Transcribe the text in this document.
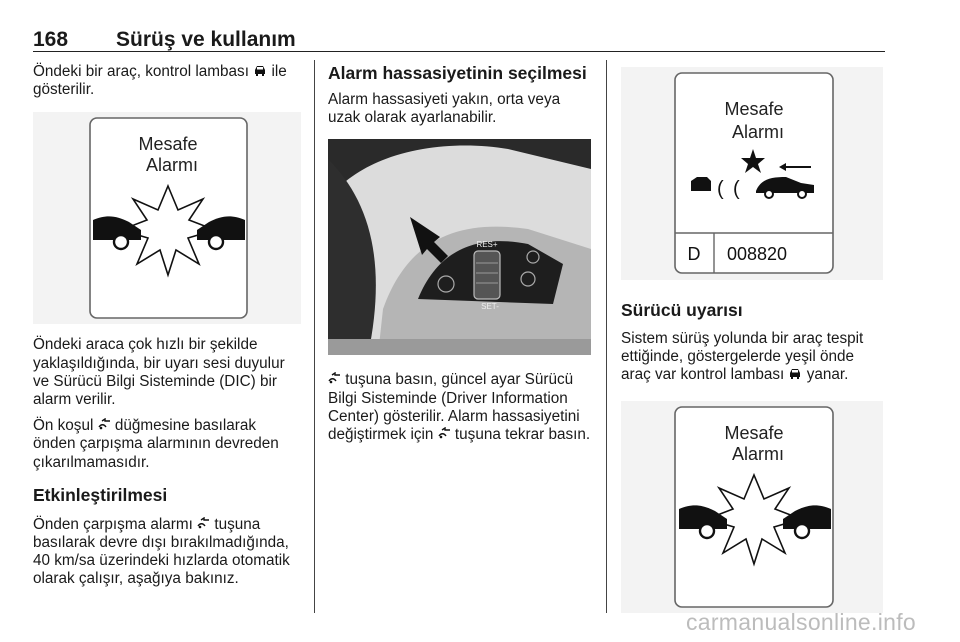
168 Sürüş ve kullanım

Öndeki bir araç, kontrol lambası  ile gösterilir.

Mesafe
Alarmı

Öndeki araca çok hızlı bir şekilde yaklaşıldığında, bir uyarı sesi duyulur ve Sürücü Bilgi Sisteminde (DIC) bir alarm verilir.

Ön koşul  düğmesine basılarak önden çarpışma alarmının devreden çıkarılmamasıdır.

Etkinleştirilmesi

Önden çarpışma alarmı  tuşuna basılarak devre dışı bırakılmadığında, 40 km/sa üzerindeki hızlarda otomatik olarak çalışır, aşağıya bakınız.

Alarm hassasiyetinin seçilmesi

Alarm hassasiyeti yakın, orta veya uzak olarak ayarlanabilir.

RES+
SET-

tuşuna basın, güncel ayar Sürücü Bilgi Sisteminde (Driver Information Center) gösterilir. Alarm hassasiyetini değiştirmek için  tuşuna tekrar basın.

Mesafe
Alarmı
( (
D 008820
Sürücü uyarısı

Sistem sürüş yolunda bir araç tespit ettiğinde, göstergelerde yeşil önde araç var kontrol lambası  yanar.

Mesafe
Alarmı
carmanualsonline.info
